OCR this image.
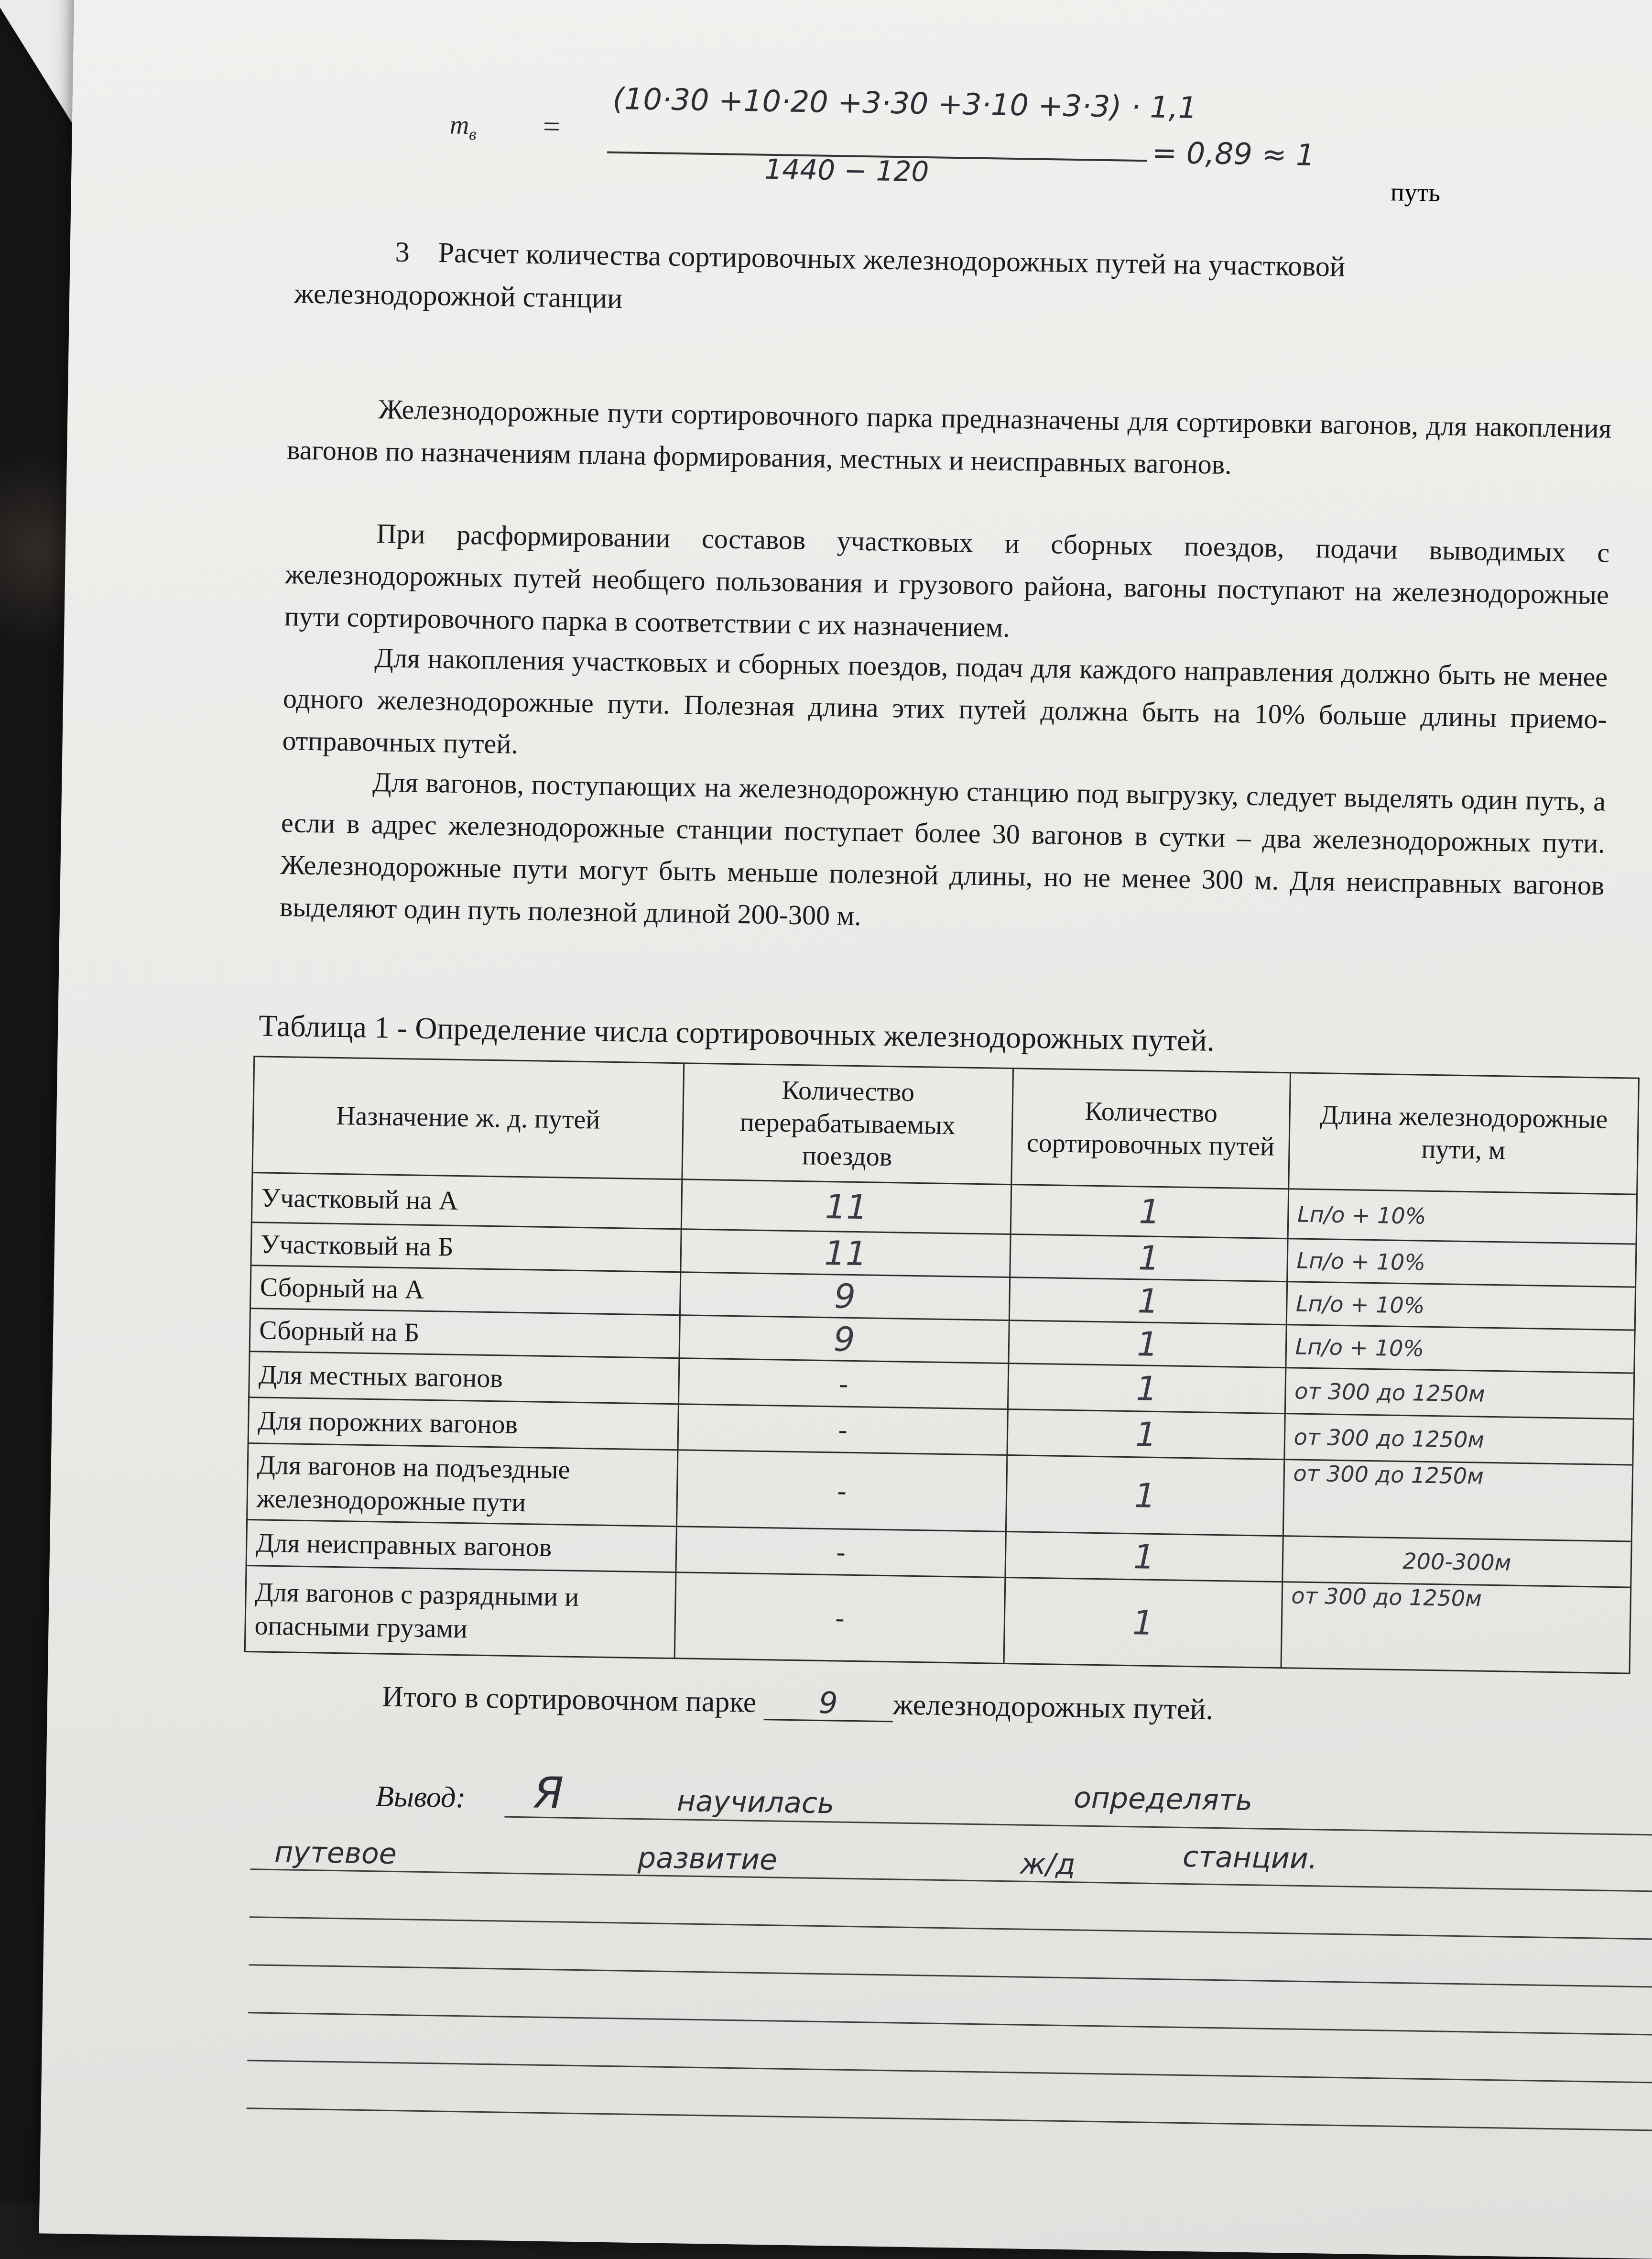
$m_в$ =
(10·30 +10·20 +3·30 +3·10 +3·3) · 1,1
1440 − 120	= 0,89 ≈ 1
путь
3 Расчет количества сортировочных железнодорожных путей на участковой
железнодорожной станции
Железнодорожные пути сортировочного парка предназначены для сортировки вагонов, для накопления вагонов по назначениям плана формирования, местных и неисправных вагонов.
При расформировании составов участковых и сборных поездов, подачи выводимых с железнодорожных путей необщего пользования и грузового района, вагоны поступают на железнодорожные пути сортировочного парка в соответствии с их назначением.
Для накопления участковых и сборных поездов, подач для каждого направления должно быть не менее одного железнодорожные пути. Полезная длина этих путей должна быть на 10% больше длины приемо-отправочных путей.
Для вагонов, поступающих на железнодорожную станцию под выгрузку, следует выделять один путь, а если в адрес железнодорожные станции поступает более 30 вагонов в сутки – два железнодорожных пути. Железнодорожные пути могут быть меньше полезной длины, но не менее 300 м. Для неисправных вагонов выделяют один путь полезной длиной 200-300 м.
Таблица 1 - Определение числа сортировочных железнодорожных путей.
Назначение ж. д. путей	Количество перерабатываемых поездов	Количество сортировочных путей	Длина железнодорожные пути, м
Участковый на А	11	1	Lп/о + 10%
Участковый на Б	11	1	Lп/о + 10%
Сборный на А	9	1	Lп/о + 10%
Сборный на Б	9	1	Lп/о + 10%
Для местных вагонов	-	1	от 300 до 1250м
Для порожних вагонов	-	1	от 300 до 1250м
Для вагонов на подъездные железнодорожные пути	-	1	от 300 до 1250м
Для неисправных вагонов	-	1	200-300м
Для вагонов с разрядными и опасными грузами	-	1	от 300 до 1250м
Итого в сортировочном парке 9 железнодорожных путей.
Вывод: Я	научилась	определять
путевое	развитие	ж/д	станции.
